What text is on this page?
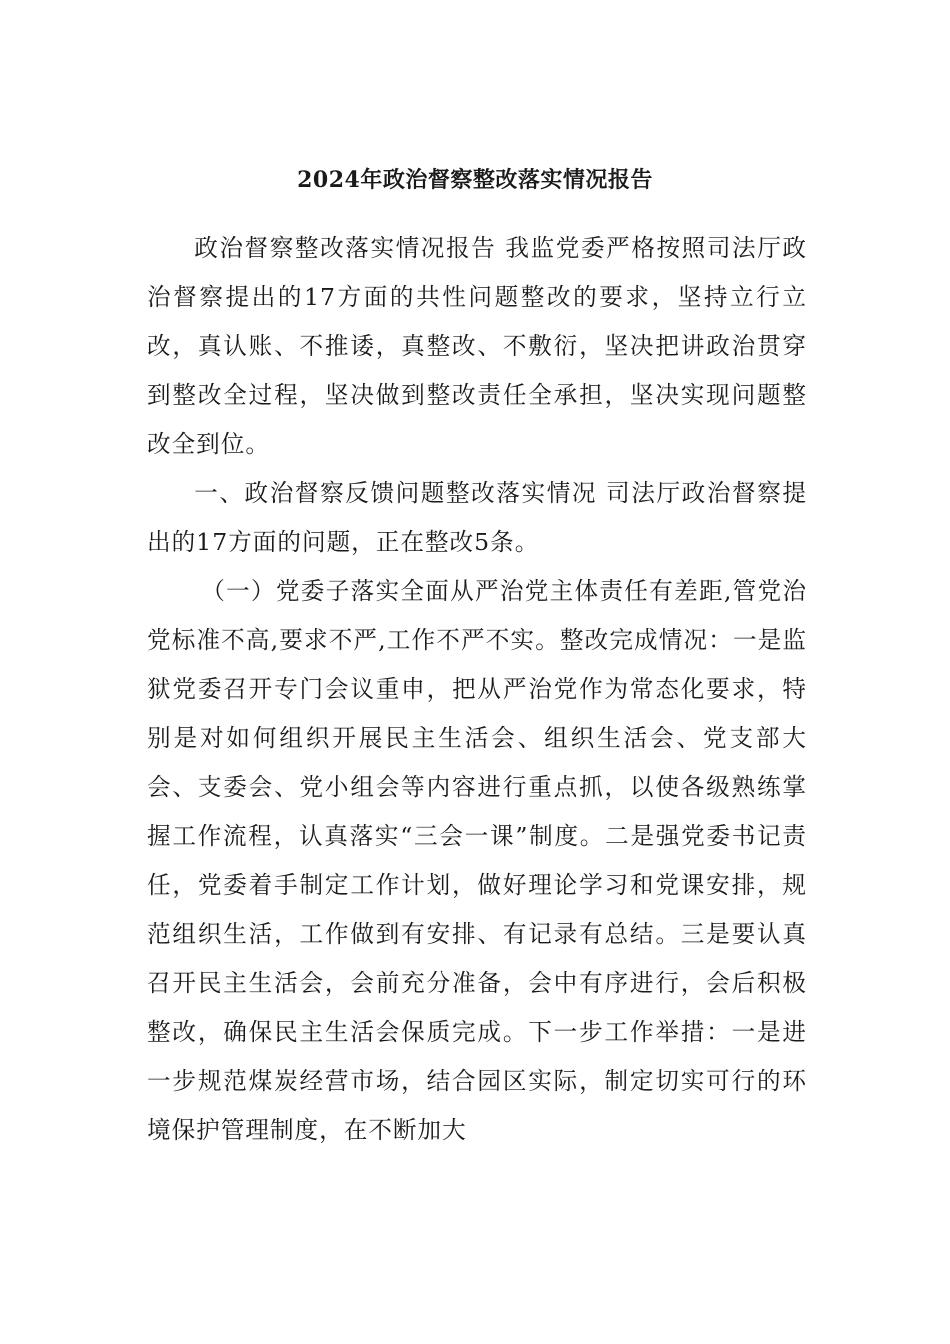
2024年政治督察整改落实情况报告

政治督察整改落实情况报告 我监党委严格按照司法厅政治督察提出的17方面的共性问题整改的要求，坚持立行立改，真认账、不推诿，真整改、不敷衍，坚决把讲政治贯穿到整改全过程，坚决做到整改责任全承担，坚决实现问题整改全到位。

一、政治督察反馈问题整改落实情况 司法厅政治督察提出的17方面的问题，正在整改5条。

（一）党委子落实全面从严治党主体责任有差距,管党治党标准不高,要求不严,工作不严不实。整改完成情况：一是监狱党委召开专门会议重申，把从严治党作为常态化要求，特别是对如何组织开展民主生活会、组织生活会、党支部大会、支委会、党小组会等内容进行重点抓，以使各级熟练掌握工作流程，认真落实“三会一课”制度。二是强党委书记责任，党委着手制定工作计划，做好理论学习和党课安排，规范组织生活，工作做到有安排、有记录有总结。三是要认真召开民主生活会，会前充分准备，会中有序进行，会后积极整改，确保民主生活会保质完成。下一步工作举措：一是进一步规范煤炭经营市场，结合园区实际，制定切实可行的环境保护管理制度，在不断加大
